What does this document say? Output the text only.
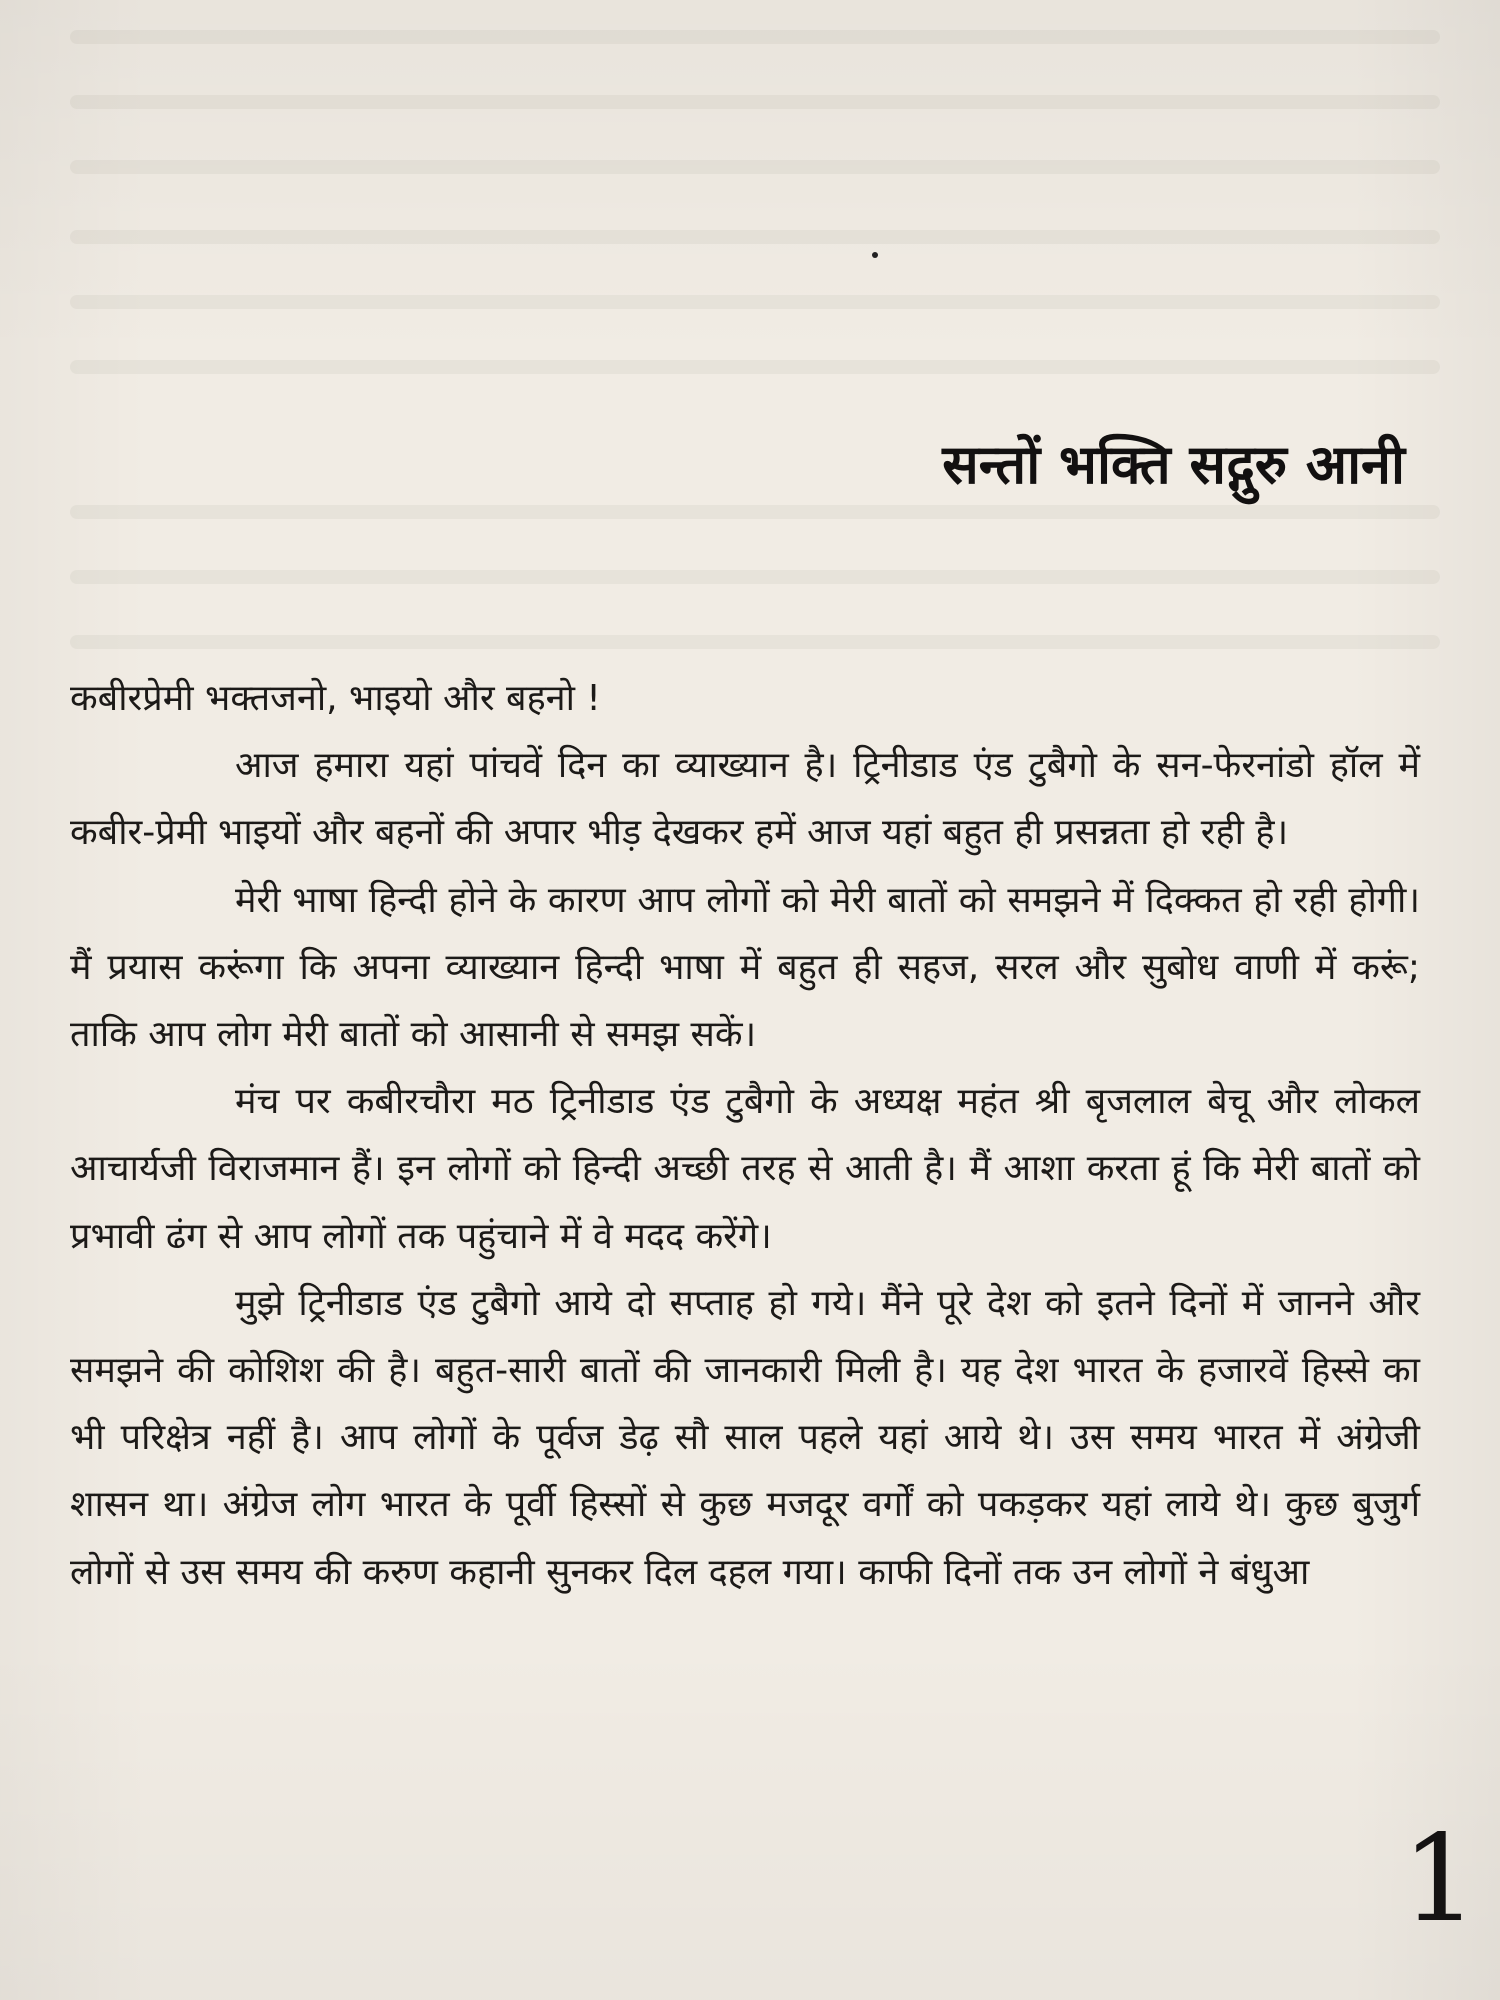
सन्तों भक्ति सद्गुरु आनी

कबीरप्रेमी भक्तजनो, भाइयो और बहनो !

आज हमारा यहां पांचवें दिन का व्याख्यान है। ट्रिनीडाड एंड टुबैगो के सन-फेरनांडो हॉल में कबीर-प्रेमी भाइयों और बहनों की अपार भीड़ देखकर हमें आज यहां बहुत ही प्रसन्नता हो रही है।

मेरी भाषा हिन्दी होने के कारण आप लोगों को मेरी बातों को समझने में दिक्कत हो रही होगी। मैं प्रयास करूंगा कि अपना व्याख्यान हिन्दी भाषा में बहुत ही सहज, सरल और सुबोध वाणी में करूं; ताकि आप लोग मेरी बातों को आसानी से समझ सकें।

मंच पर कबीरचौरा मठ ट्रिनीडाड एंड टुबैगो के अध्यक्ष महंत श्री बृजलाल बेचू और लोकल आचार्यजी विराजमान हैं। इन लोगों को हिन्दी अच्छी तरह से आती है। मैं आशा करता हूं कि मेरी बातों को प्रभावी ढंग से आप लोगों तक पहुंचाने में वे मदद करेंगे।

मुझे ट्रिनीडाड एंड टुबैगो आये दो सप्ताह हो गये। मैंने पूरे देश को इतने दिनों में जानने और समझने की कोशिश की है। बहुत-सारी बातों की जानकारी मिली है। यह देश भारत के हजारवें हिस्से का भी परिक्षेत्र नहीं है। आप लोगों के पूर्वज डेढ़ सौ साल पहले यहां आये थे। उस समय भारत में अंग्रेजी शासन था। अंग्रेज लोग भारत के पूर्वी हिस्सों से कुछ मजदूर वर्गों को पकड़कर यहां लाये थे। कुछ बुजुर्ग लोगों से उस समय की करुण कहानी सुनकर दिल दहल गया। काफी दिनों तक उन लोगों ने बंधुआ

1
